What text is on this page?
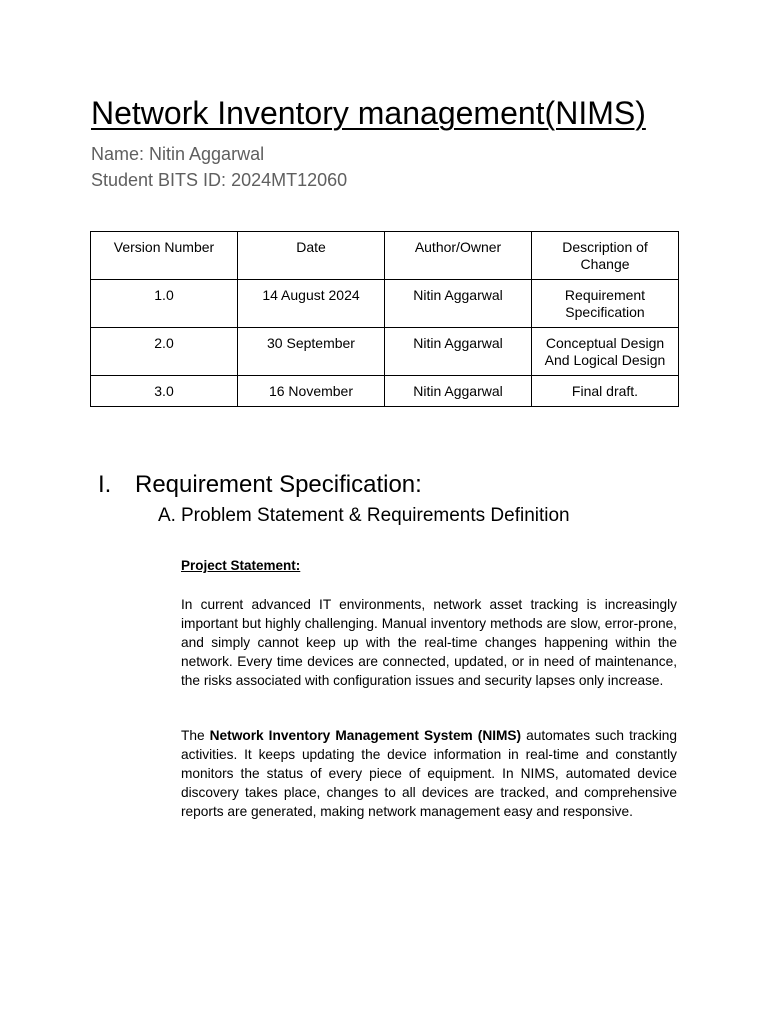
Network Inventory management(NIMS)
Name: Nitin Aggarwal
Student BITS ID: 2024MT12060
Version Number	Date	Author/Owner	Description of Change
1.0	14 August 2024	Nitin Aggarwal	Requirement Specification
2.0	30 September	Nitin Aggarwal	Conceptual Design And Logical Design
3.0	16 November	Nitin Aggarwal	Final draft.
I. Requirement Specification:
A. Problem Statement & Requirements Definition
Project Statement:

In current advanced IT environments, network asset tracking is increasingly important but highly challenging. Manual inventory methods are slow, error-prone, and simply cannot keep up with the real-time changes happening within the network. Every time devices are connected, updated, or in need of maintenance, the risks associated with configuration issues and security lapses only increase.

The Network Inventory Management System (NIMS) automates such tracking activities. It keeps updating the device information in real-time and constantly monitors the status of every piece of equipment. In NIMS, automated device discovery takes place, changes to all devices are tracked, and comprehensive reports are generated, making network management easy and responsive.
